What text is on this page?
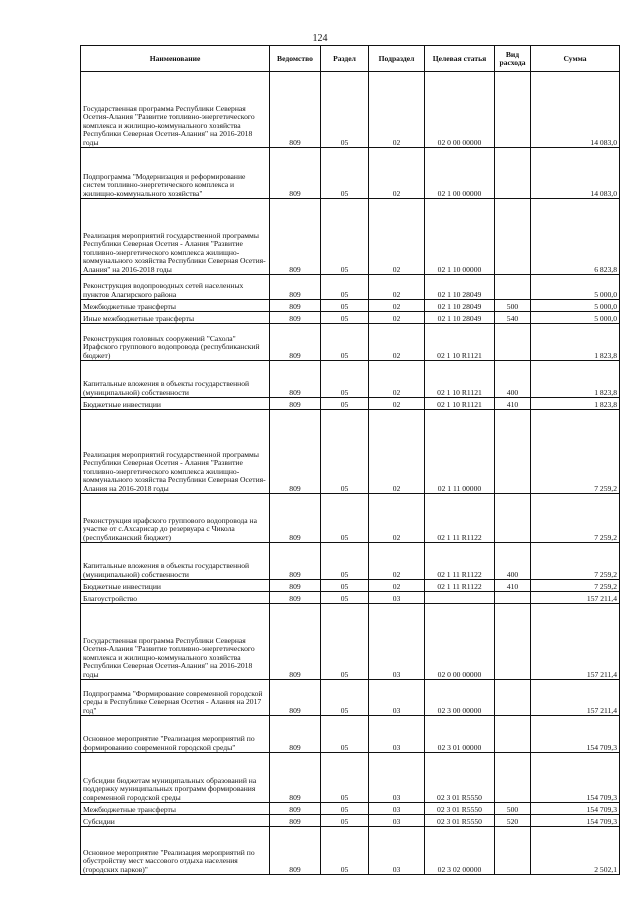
124
Наименование	Ведомство	Раздел	Подраздел	Целевая статья	Вид расхода	Сумма
Государственная программа Республики Северная Осетия-Алания "Развитие топливно-энергетического комплекса и жилищно-коммунального хозяйства Республики Северная Осетия-Алания" на 2016-2018 годы	809	05	02	02 0 00 00000		14 083,0
Подпрограмма "Модернизация и реформирование систем топливно-энергетического комплекса и жилищно-коммунального хозяйства"	809	05	02	02 1 00 00000		14 083,0
Реализация мероприятий государственной программы Республики Северная Осетия - Алания "Развитие топливно-энергетического комплекса жилищно-коммунального хозяйства Республики Северная Осетия-Алания" на 2016-2018 годы	809	05	02	02 1 10 00000		6 823,8
Реконструкция водопроводных сетей населенных пунктов Алагирского района	809	05	02	02 1 10 28049		5 000,0
Межбюджетные трансферты	809	05	02	02 1 10 28049	500	5 000,0
Иные межбюджетные трансферты	809	05	02	02 1 10 28049	540	5 000,0
Реконструкция головных сооружений "Сахола" Ирафского группового водопровода (республиканский бюджет)	809	05	02	02 1 10 R1121		1 823,8
Капитальные вложения в объекты государственной (муниципальной) собственности	809	05	02	02 1 10 R1121	400	1 823,8
Бюджетные инвестиции	809	05	02	02 1 10 R1121	410	1 823,8
Реализация мероприятий государственной программы Республики Северная Осетия - Алания "Развитие топливно-энергетического комплекса жилищно-коммунального хозяйства Республики Северная Осетия-Алания на 2016-2018 годы	809	05	02	02 1 11 00000		7 259,2
Реконструкция ирафского группового водопровода на участке от с.Ахсарисар до резервуара с Чикола (республиканский бюджет)	809	05	02	02 1 11 R1122		7 259,2
Капитальные вложения в объекты государственной (муниципальной) собственности	809	05	02	02 1 11 R1122	400	7 259,2
Бюджетные инвестиции	809	05	02	02 1 11 R1122	410	7 259,2
Благоустройство	809	05	03			157 211,4
Государственная программа Республики Северная Осетия-Алания "Развитие топливно-энергетического комплекса и жилищно-коммунального хозяйства Республики Северная Осетия-Алания" на 2016-2018 годы	809	05	03	02 0 00 00000		157 211,4
Подпрограмма "Формирование современной городской среды в Республике Северная Осетия - Алания на 2017 год"	809	05	03	02 3 00 00000		157 211,4
Основное мероприятие "Реализация мероприятий по формированию современной городской среды"	809	05	03	02 3 01 00000		154 709,3
Субсидии бюджетам муниципальных образований на поддержку муниципальных программ формирования современной городской среды	809	05	03	02 3 01 R5550		154 709,3
Межбюджетные трансферты	809	05	03	02 3 01 R5550	500	154 709,3
Субсидии	809	05	03	02 3 01 R5550	520	154 709,3
Основное мероприятие "Реализация мероприятий по обустройству мест массового отдыха населения (городских парков)"	809	05	03	02 3 02 00000		2 502,1
